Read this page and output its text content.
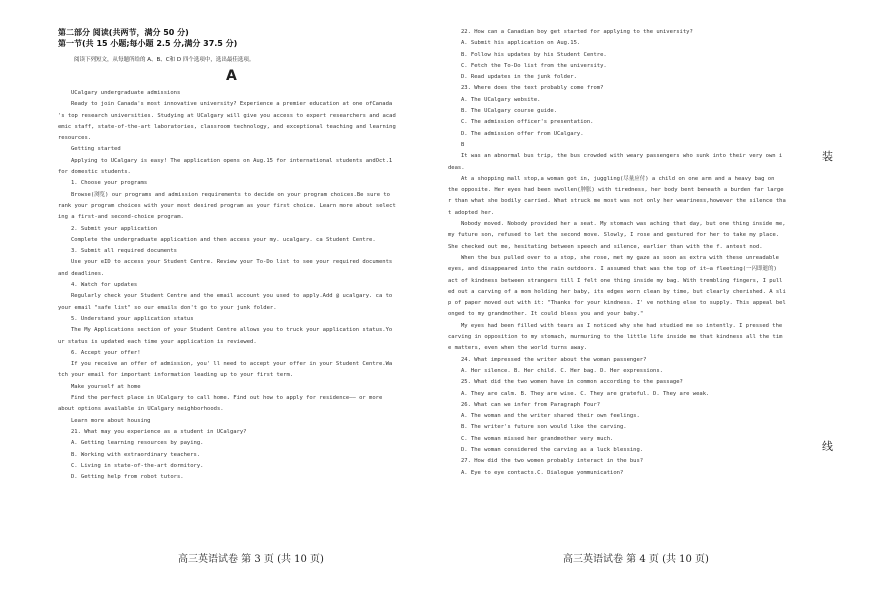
第二部分 阅读(共两节，满分 50 分)
第一节(共 15 小题;每小题 2.5 分,满分 37.5 分)
阅读下列短文，从每题所给的 A、B、C和 D 四个选项中，选出最佳选项。
A
UCalgary undergraduate admissions
Ready to join Canada's most innovative university? Experience a premier education at one ofCanada
's top research universities. Studying at UCalgary will give you access to expert researchers and acad
emic staff, state-of-the-art laboratories, classroom technology, and exceptional teaching and learning
resources.
Getting started
Applying to UCalgary is easy! The application opens on Aug.15 for international students andOct.1
for domestic students.
1. Choose your programs
Browse(浏览) our programs and admission requirements to decide on your program choices.Be sure to
rank your program choices with your most desired program as your first choice. Learn more about select
ing a first-and second-choice program.
2. Submit your application
Complete the undergraduate application and then access your my. ucalgary. ca Student Centre.
3. Submit all required documents
Use your eID to access your Student Centre. Review your To-Do list to see your required documents
and deadlines.
4. Watch for updates
Regularly check your Student Centre and the email account you used to apply.Add @ ucalgary. ca to
your email "safe list" so our emails don't go to your junk folder.
5. Understand your application status
The My Applications section of your Student Centre allows you to truck your application status.Yo
ur status is updated each time your application is reviewed.
6. Accept your offer!
If you receive an offer of admission, you' ll need to accept your offer in your Student Centre.Wa
tch your email for important information leading up to your first term.
Make yourself at home
Find the perfect place in UCalgary to call home. Find out how to apply for residence—— or more
about options available in UCalgary neighborhoods.
Learn more about housing
21. What may you experience as a student in UCalgary?
A. Getting learning resources by paying.
B. Working with extraordinary teachers.
C. Living in state-of-the-art dormitory.
D. Getting help from robot tutors.
高三英语试卷 第 3 页 (共 10 页)
22. How can a Canadian boy get started for applying to the university?
A. Submit his application on Aug.15.
B. Follow his updates by his Student Centre.
C. Fetch the To-Do list from the university.
D. Read updates in the junk folder.
23. Where does the text probably come from?
A. The UCalgary website.
B. The UCalgary course guide.
C. The admission officer's presentation.
D. The admission offer from UCalgary.
B
It was an abnormal bus trip, the bus crowded with weary passengers who sunk into their very own i
deas.
At a shopping mall stop,a woman got in, juggling(尽量应付) a child on one arm and a heavy bag on
the opposite. Her eyes had been swollen(肿胀) with tiredness, her body bent beneath a burden far large
r than what she bodily carried. What struck me most was not only her weariness,however the silence tha
t adopted her.
Nobody moved. Nobody provided her a seat. My stomach was aching that day, but one thing inside me,
my future son, refused to let the second move. Slowly, I rose and gestured for her to take my place.
She checked out me, hesitating between speech and silence, earlier than with the f. antest nod.
When the bus pulled over to a stop, she rose, met my gaze as soon as extra with these unreadable
eyes, and disappeared into the rain outdoors. I assumed that was the top of it—a fleeting(一闪即逝的)
act of kindness between strangers till I felt one thing inside my bag. With trembling fingers, I pull
ed out a carving of a mom holding her baby, its edges worn clean by time, but clearly cherished. A sli
p of paper moved out with it: "Thanks for your kindness. I' ve nothing else to supply. This appeal bel
onged to my grandmother. It could bless you and your baby."
My eyes had been filled with tears as I noticed why she had studied me so intently. I pressed the
carving in opposition to my stomach, murmuring to the little life inside me that kindness all the tim
e matters, even when the world turns away.
24. What impressed the writer about the woman passenger?
A. Her silence. B. Her child. C. Her bag. D. Her expressions.
25. What did the two women have in common according to the passage?
A. They are calm. B. They are wise. C. They are grateful. D. They are weak.
26. What can we infer from Paragraph Four?
A. The woman and the writer shared their own feelings.
B. The writer's future son would like the carving.
C. The woman missed her grandmother very much.
D. The woman considered the carving as a luck blessing.
27. How did the two women probably interact in the bus?
A. Eye to eye contacts.C. Dialogue yommunication?
高三英语试卷 第 4 页 (共 10 页)
装
线
